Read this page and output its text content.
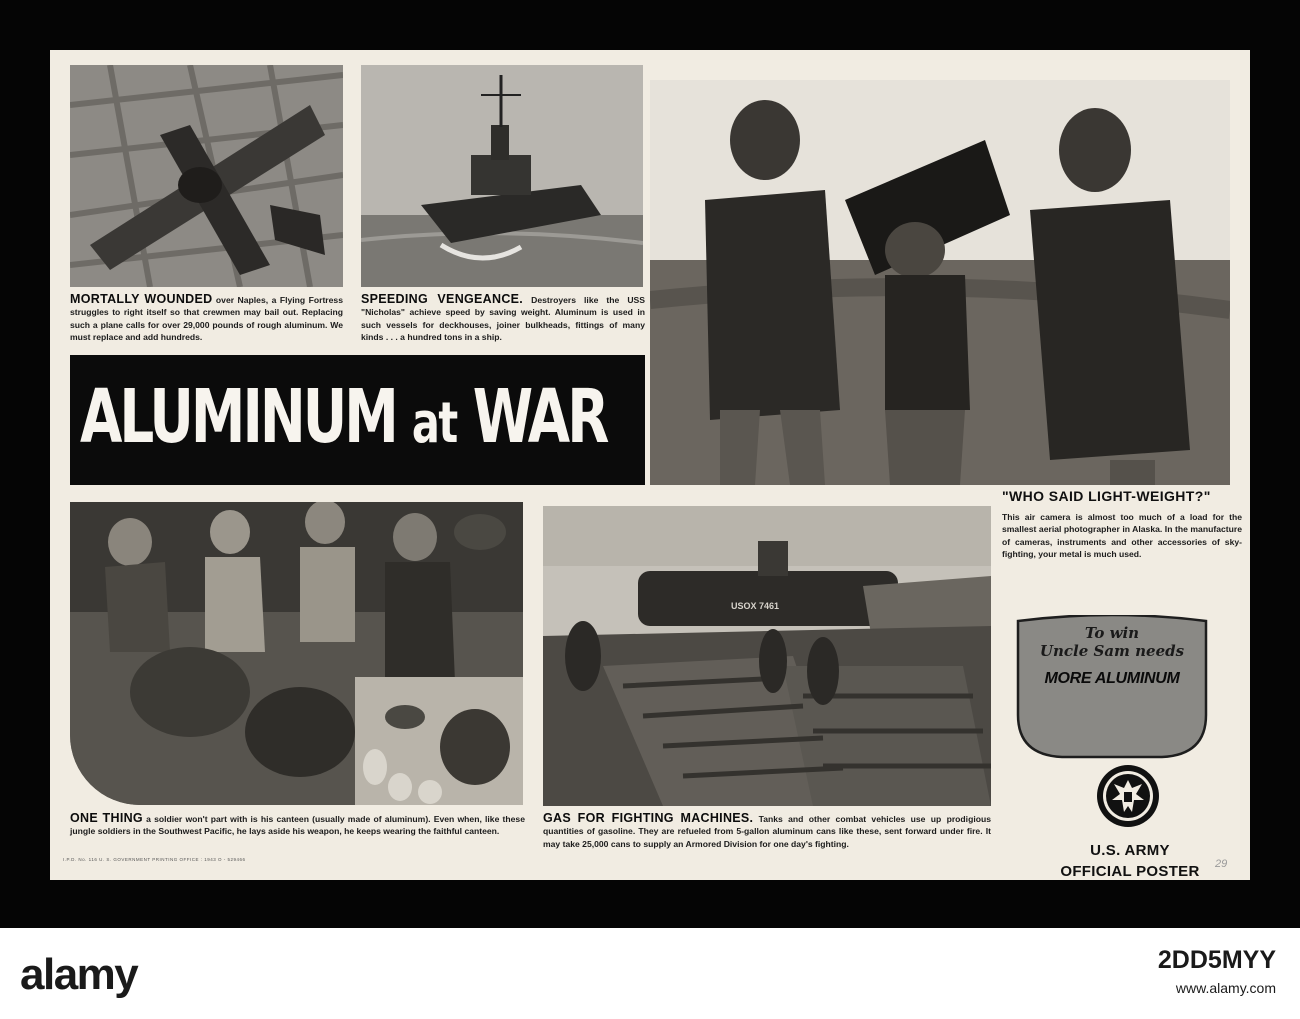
USOX 7461
MORTALLY WOUNDED over Naples, a Flying Fortress struggles to right itself so that crewmen may bail out. Replacing such a plane calls for over 29,000 pounds of rough aluminum. We must replace and add hundreds.
SPEEDING VENGEANCE. Destroyers like the USS "Nicholas" achieve speed by saving weight. Aluminum is used in such vessels for deckhouses, joiner bulkheads, fittings of many kinds . . . a hundred tons in a ship.
ALUMINUM at WAR
"WHO SAID LIGHT-WEIGHT?"
This air camera is almost too much of a load for the smallest aerial photographer in Alaska. In the manufacture of cameras, instruments and other accessories of sky-fighting, your metal is much used.
ONE THING a soldier won't part with is his canteen (usually made of aluminum). Even when, like these jungle soldiers in the Southwest Pacific, he lays aside his weapon, he keeps wearing the faithful canteen.
GAS FOR FIGHTING MACHINES. Tanks and other combat vehicles use up prodigious quantities of gasoline. They are refueled from 5-gallon aluminum cans like these, sent forward under fire. It may take 25,000 cans to supply an Armored Division for one day's fighting.
To win
Uncle Sam needs
MORE ALUMINUM
U.S. ARMY
OFFICIAL POSTER
I.P.D. No. 116 U. S. GOVERNMENT PRINTING OFFICE : 1943 O - 529466	29
alamy	2DD5MYY
www.alamy.com
